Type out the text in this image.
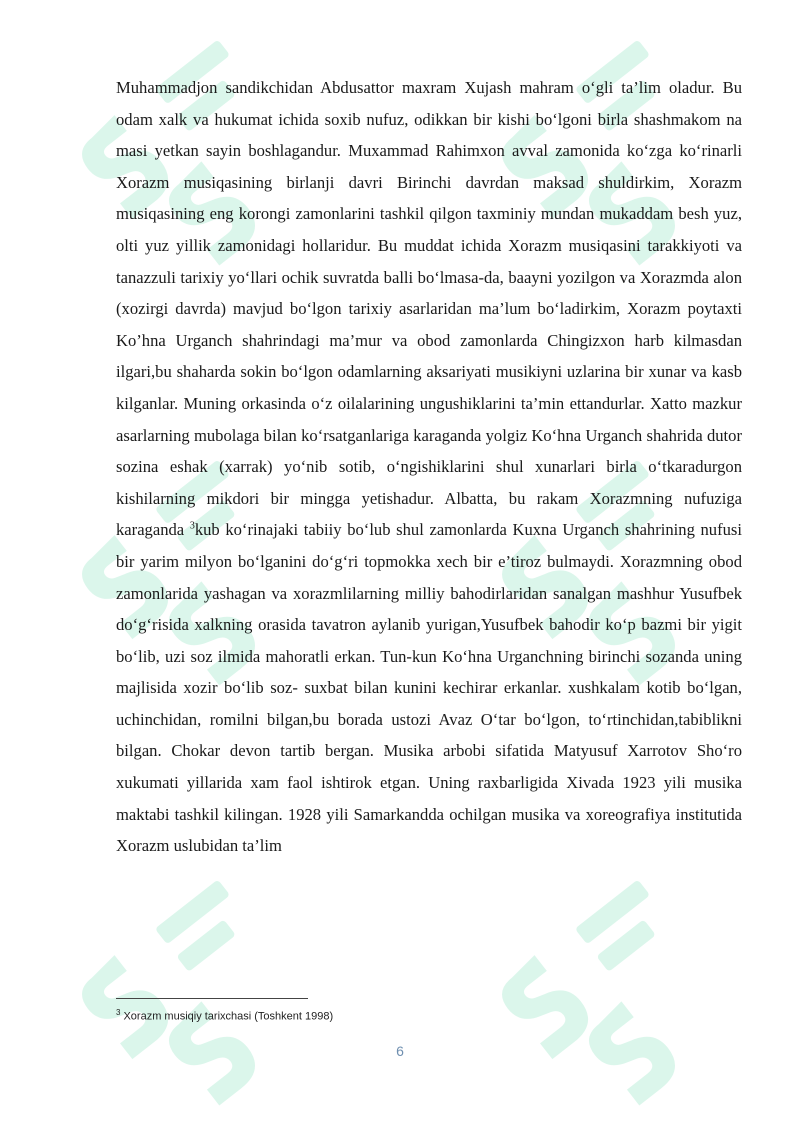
Muhammadjon sandikchidan Abdusattor maxram Xujash mahram o‘gli ta’lim oladur. Bu odam xalk va hukumat ichida soxib nufuz, odikkan bir kishi bo‘lgoni birla shashmakom na masi yetkan sayin boshlagandur. Muxammad Rahimxon avval zamonida ko‘zga ko‘rinarli Xorazm musiqasining birlanji davri Birinchi davrdan maksad shuldirkim, Xorazm musiqasining eng korongi zamonlarini tashkil qilgon taxminiy mundan mukaddam besh yuz, olti yuz yillik zamonidagi hollaridur. Bu muddat ichida Xorazm musiqasini tarakkiyoti va tanazzuli tarixiy yo‘llari ochik suvratda balli bo‘lmasa-da, baayni yozilgon va Xorazmda alon (xozirgi davrda) mavjud bo‘lgon tarixiy asarlaridan ma’lum bo‘ladirkim, Xorazm poytaxti Ko’hna Urganch shahrindagi ma’mur va obod zamonlarda Chingizxon harb kilmasdan ilgari,bu shaharda sokin bo‘lgon odamlarning aksariyati musikiyni uzlarina bir xunar va kasb kilganlar. Muning orkasinda o‘z oilalarining ungushiklarini ta’min ettandurlar. Xatto mazkur asarlarning mubolaga bilan ko‘rsatganlariga karaganda yolgiz Ko‘hna Urganch shahrida dutor sozina eshak (xarrak) yo‘nib sotib, o‘ngishiklarini shul xunarlari birla o‘tkaradurgon kishilarning mikdori bir mingga yetishadur. Albatta, bu rakam Xorazmning nufuziga karaganda $^3$kub ko‘rinajaki tabiiy bo‘lub shul zamonlarda Kuxna Urganch shahrining nufusi bir yarim milyon bo‘lganini do‘g‘ri topmokka xech bir e’tiroz bulmaydi. Xorazmning obod zamonlarida yashagan va xorazmlilarning milliy bahodirlaridan sanalgan mashhur Yusufbek do‘g‘risida xalkning orasida tavatron aylanib yurigan,Yusufbek bahodir ko‘p bazmi bir yigit bo‘lib, uzi soz ilmida mahoratli erkan. Tun-kun Ko‘hna Urganchning birinchi sozanda uning majlisida xozir bo‘lib soz- suxbat bilan kunini kechirar erkanlar. xushkalam kotib bo‘lgan, uchinchidan, romilni bilgan,bu borada ustozi Avaz O‘tar bo‘lgon, to‘rtinchidan,tabiblikni bilgan. Chokar devon tartib bergan. Musika arbobi sifatida Matyusuf Xarrotov Sho‘ro xukumati yillarida xam faol ishtirok etgan. Uning raxbarligida Xivada 1923 yili musika maktabi tashkil kilingan. 1928 yili Samarkandda ochilgan musika va xoreografiya institutida Xorazm uslubidan ta’lim

$^3$ Xorazm musiqiy tarixchasi (Toshkent 1998)
6
